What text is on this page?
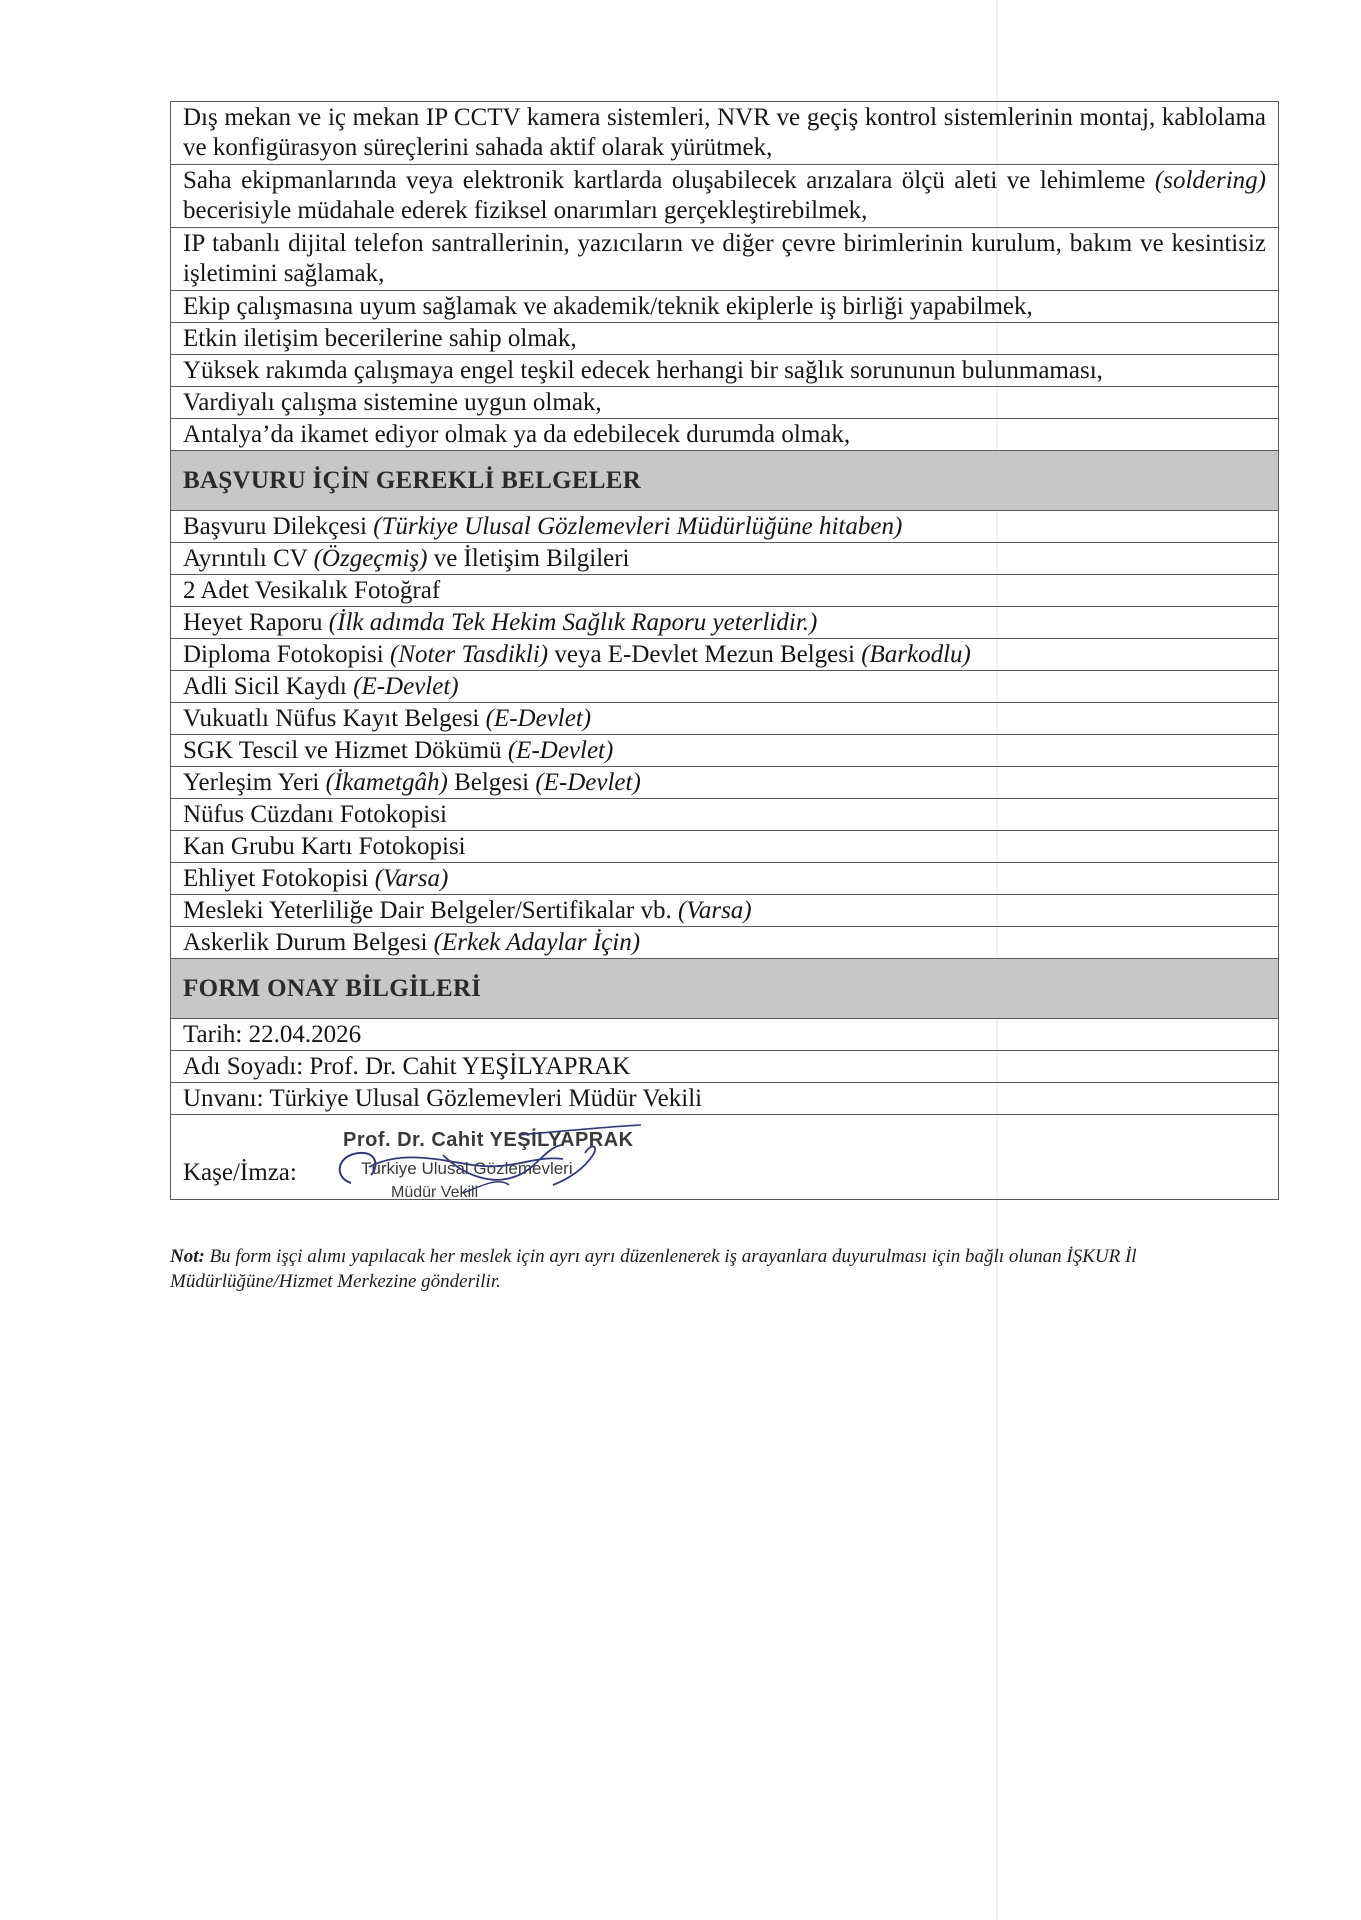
Dış mekan ve iç mekan IP CCTV kamera sistemleri, NVR ve geçiş kontrol sistemlerinin montaj, kablolama ve konfigürasyon süreçlerini sahada aktif olarak yürütmek,
Saha ekipmanlarında veya elektronik kartlarda oluşabilecek arızalara ölçü aleti ve lehimleme (soldering) becerisiyle müdahale ederek fiziksel onarımları gerçekleştirebilmek,
IP tabanlı dijital telefon santrallerinin, yazıcıların ve diğer çevre birimlerinin kurulum, bakım ve kesintisiz işletimini sağlamak,
Ekip çalışmasına uyum sağlamak ve akademik/teknik ekiplerle iş birliği yapabilmek,
Etkin iletişim becerilerine sahip olmak,
Yüksek rakımda çalışmaya engel teşkil edecek herhangi bir sağlık sorununun bulunmaması,
Vardiyalı çalışma sistemine uygun olmak,
Antalya’da ikamet ediyor olmak ya da edebilecek durumda olmak,
BAŞVURU İÇİN GEREKLİ BELGELER
Başvuru Dilekçesi (Türkiye Ulusal Gözlemevleri Müdürlüğüne hitaben)
Ayrıntılı CV (Özgeçmiş) ve İletişim Bilgileri
2 Adet Vesikalık Fotoğraf
Heyet Raporu (İlk adımda Tek Hekim Sağlık Raporu yeterlidir.)
Diploma Fotokopisi (Noter Tasdikli) veya E-Devlet Mezun Belgesi (Barkodlu)
Adli Sicil Kaydı (E-Devlet)
Vukuatlı Nüfus Kayıt Belgesi (E-Devlet)
SGK Tescil ve Hizmet Dökümü (E-Devlet)
Yerleşim Yeri (İkametgâh) Belgesi (E-Devlet)
Nüfus Cüzdanı Fotokopisi
Kan Grubu Kartı Fotokopisi
Ehliyet Fotokopisi (Varsa)
Mesleki Yeterliliğe Dair Belgeler/Sertifikalar vb. (Varsa)
Askerlik Durum Belgesi (Erkek Adaylar İçin)
FORM ONAY BİLGİLERİ
Tarih: 22.04.2026
Adı Soyadı: Prof. Dr. Cahit YEŞİLYAPRAK
Unvanı: Türkiye Ulusal Gözlemevleri Müdür Vekili

Kaşe/İmza:
Prof. Dr. Cahit YEŞİLYAPRAK
Türkiye Ulusal Gözlemevleri
Müdür Vekili
Not: Bu form işçi alımı yapılacak her meslek için ayrı ayrı düzenlenerek iş arayanlara duyurulması için bağlı olunan İŞKUR İl Müdürlüğüne/Hizmet Merkezine gönderilir.
